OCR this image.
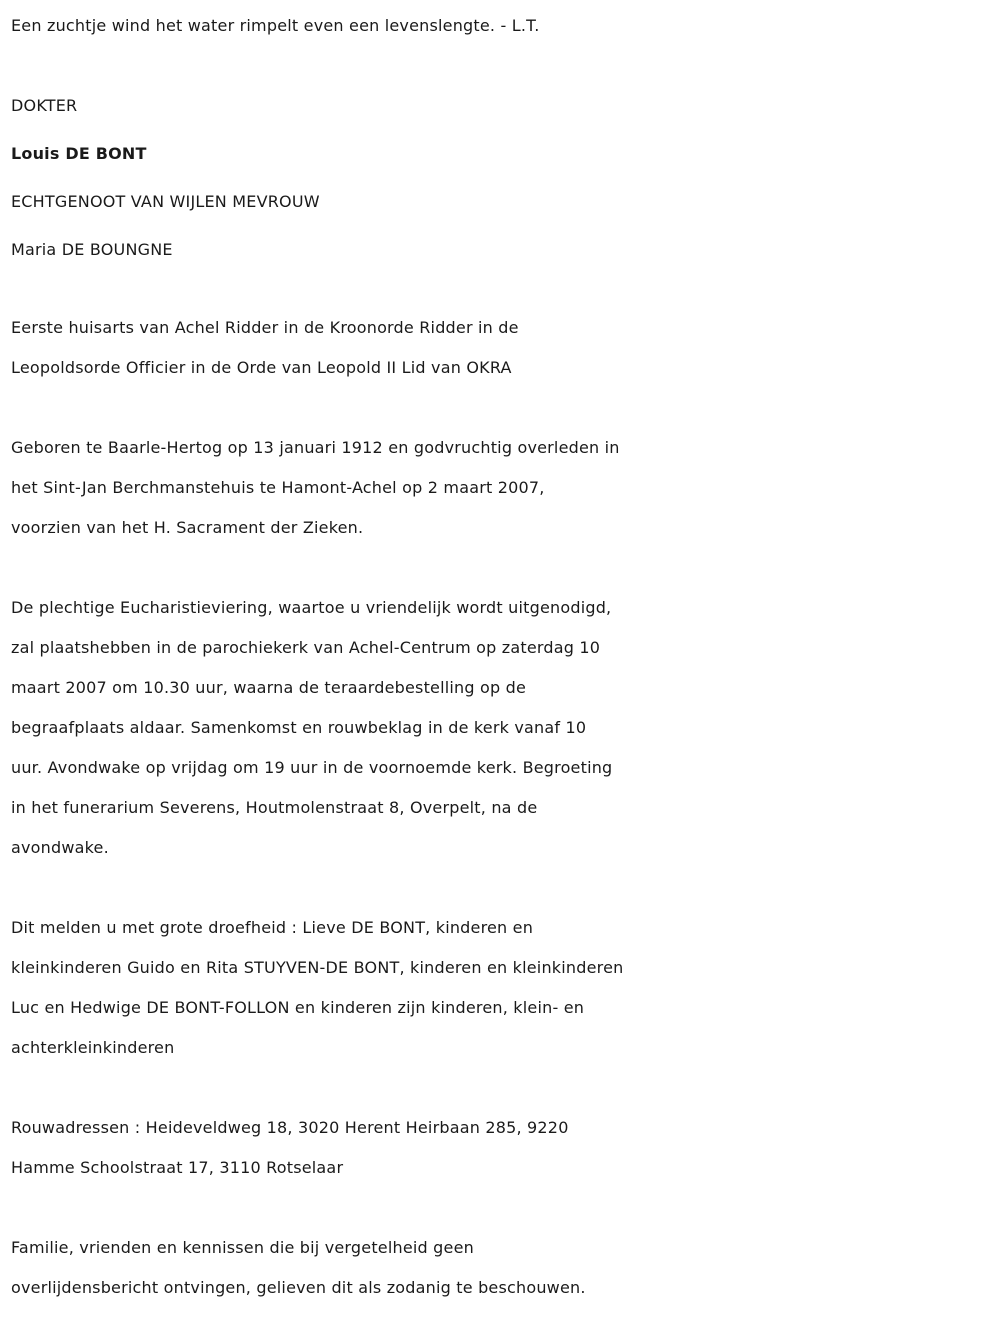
Een zuchtje wind het water rimpelt even een levenslengte. - L.T.
DOKTER
Louis DE BONT
ECHTGENOOT VAN WIJLEN MEVROUW
Maria DE BOUNGNE
Eerste huisarts van Achel Ridder in de Kroonorde Ridder in de
Leopoldsorde Officier in de Orde van Leopold II Lid van OKRA
Geboren te Baarle-Hertog op 13 januari 1912 en godvruchtig overleden in
het Sint-Jan Berchmanstehuis te Hamont-Achel op 2 maart 2007,
voorzien van het H. Sacrament der Zieken.
De plechtige Eucharistieviering, waartoe u vriendelijk wordt uitgenodigd,
zal plaatshebben in de parochiekerk van Achel-Centrum op zaterdag 10
maart 2007 om 10.30 uur, waarna de teraardebestelling op de
begraafplaats aldaar. Samenkomst en rouwbeklag in de kerk vanaf 10
uur. Avondwake op vrijdag om 19 uur in de voornoemde kerk. Begroeting
in het funerarium Severens, Houtmolenstraat 8, Overpelt, na de
avondwake.
Dit melden u met grote droefheid : Lieve DE BONT, kinderen en
kleinkinderen Guido en Rita STUYVEN-DE BONT, kinderen en kleinkinderen
Luc en Hedwige DE BONT-FOLLON en kinderen zijn kinderen, klein- en
achterkleinkinderen
Rouwadressen : Heideveldweg 18, 3020 Herent Heirbaan 285, 9220
Hamme Schoolstraat 17, 3110 Rotselaar
Familie, vrienden en kennissen die bij vergetelheid geen
overlijdensbericht ontvingen, gelieven dit als zodanig te beschouwen.
